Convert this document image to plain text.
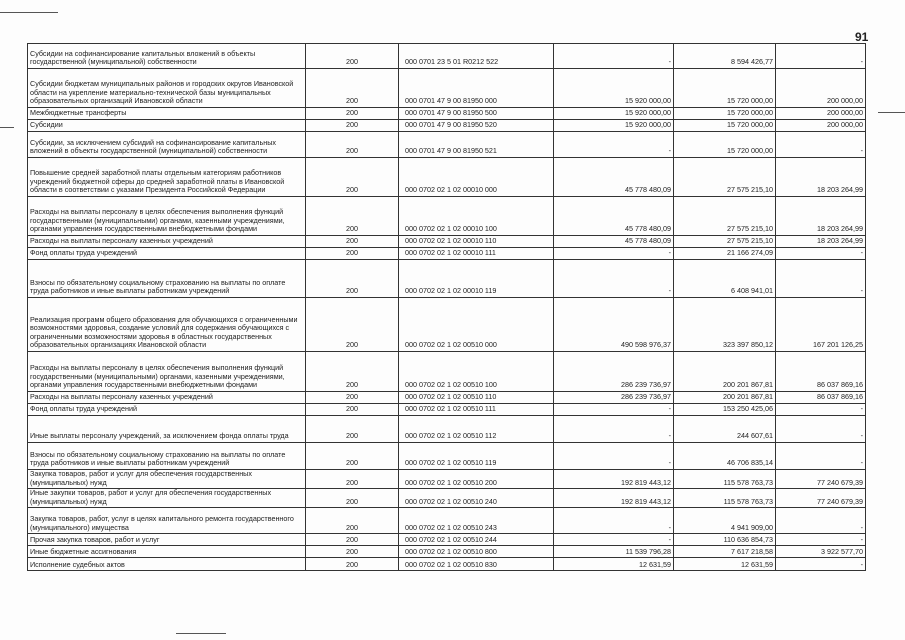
91
Субсидии на софинансирование капитальных вложений в объекты государственной (муниципальной) собственности	200	000 0701 23 5 01 R0212 522	-	8 594 426,77	-
Субсидии бюджетам муниципальных районов и городских округов Ивановской области на укрепление материально-технической базы муниципальных образовательных организаций Ивановской области	200	000 0701 47 9 00 81950 000	15 920 000,00	15 720 000,00	200 000,00
Межбюджетные трансферты	200	000 0701 47 9 00 81950 500	15 920 000,00	15 720 000,00	200 000,00
Субсидии	200	000 0701 47 9 00 81950 520	15 920 000,00	15 720 000,00	200 000,00
Субсидии, за исключением субсидий на софинансирование капитальных вложений в объекты государственной (муниципальной) собственности	200	000 0701 47 9 00 81950 521	-	15 720 000,00	-
Повышение средней заработной платы отдельным категориям работников учреждений бюджетной сферы до средней заработной платы в Ивановской области в соответствии с указами Президента Российской Федерации	200	000 0702 02 1 02 00010 000	45 778 480,09	27 575 215,10	18 203 264,99
Расходы на выплаты персоналу в целях обеспечения выполнения функций государственными (муниципальными) органами, казенными учреждениями, органами управления государственными внебюджетными фондами	200	000 0702 02 1 02 00010 100	45 778 480,09	27 575 215,10	18 203 264,99
Расходы на выплаты персоналу казенных учреждений	200	000 0702 02 1 02 00010 110	45 778 480,09	27 575 215,10	18 203 264,99
Фонд оплаты труда учреждений	200	000 0702 02 1 02 00010 111	-	21 166 274,09	-
Взносы по обязательному социальному страхованию на выплаты по оплате труда работников и иные выплаты работникам учреждений	200	000 0702 02 1 02 00010 119	-	6 408 941,01	-
Реализация программ общего образования для обучающихся с ограниченными возможностями здоровья, создание условий для содержания обучающихся с ограниченными возможностями здоровья в областных государственных образовательных организациях Ивановской области	200	000 0702 02 1 02 00510 000	490 598 976,37	323 397 850,12	167 201 126,25
Расходы на выплаты персоналу в целях обеспечения выполнения функций государственными (муниципальными) органами, казенными учреждениями, органами управления государственными внебюджетными фондами	200	000 0702 02 1 02 00510 100	286 239 736,97	200 201 867,81	86 037 869,16
Расходы на выплаты персоналу казенных учреждений	200	000 0702 02 1 02 00510 110	286 239 736,97	200 201 867,81	86 037 869,16
Фонд оплаты труда учреждений	200	000 0702 02 1 02 00510 111	-	153 250 425,06	-
Иные выплаты персоналу учреждений, за исключением фонда оплаты труда	200	000 0702 02 1 02 00510 112	-	244 607,61	-
Взносы по обязательному социальному страхованию на выплаты по оплате труда работников и иные выплаты работникам учреждений	200	000 0702 02 1 02 00510 119	-	46 706 835,14	-
Закупка товаров, работ и услуг для обеспечения государственных (муниципальных) нужд	200	000 0702 02 1 02 00510 200	192 819 443,12	115 578 763,73	77 240 679,39
Иные закупки товаров, работ и услуг для обеспечения государственных (муниципальных) нужд	200	000 0702 02 1 02 00510 240	192 819 443,12	115 578 763,73	77 240 679,39
Закупка товаров, работ, услуг в целях капитального ремонта государственного (муниципального) имущества	200	000 0702 02 1 02 00510 243	-	4 941 909,00	-
Прочая закупка товаров, работ и услуг	200	000 0702 02 1 02 00510 244	-	110 636 854,73	-
Иные бюджетные ассигнования	200	000 0702 02 1 02 00510 800	11 539 796,28	7 617 218,58	3 922 577,70
Исполнение судебных актов	200	000 0702 02 1 02 00510 830	12 631,59	12 631,59	-
